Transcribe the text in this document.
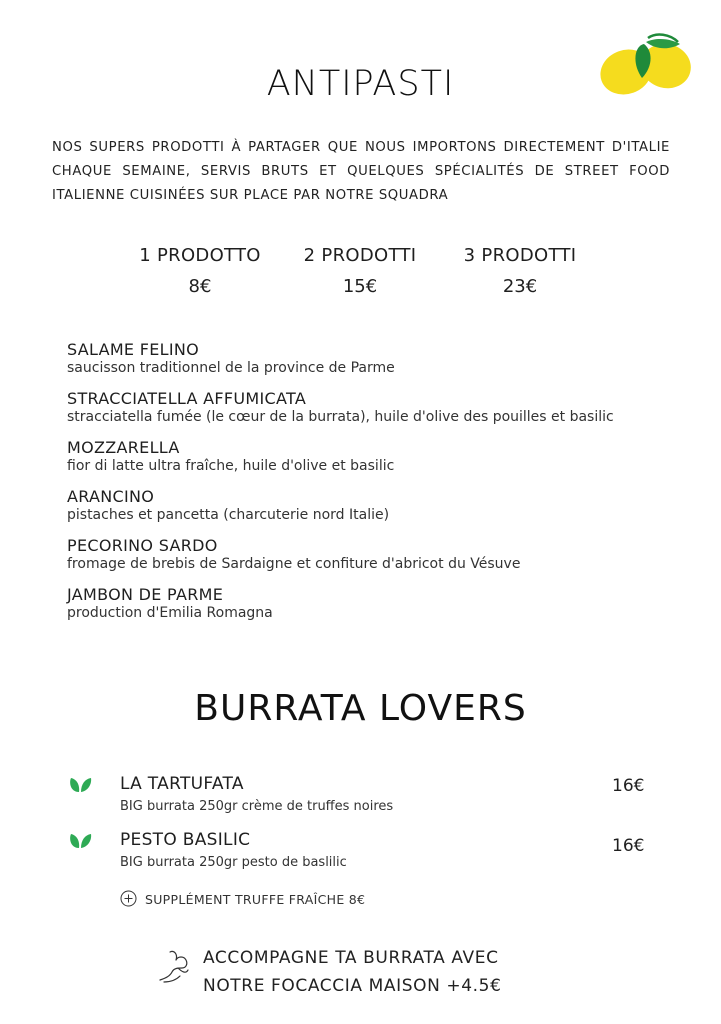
ANTIPASTI
NOS SUPERS PRODOTTI À PARTAGER QUE NOUS IMPORTONS DIRECTEMENT D'ITALIE CHAQUE SEMAINE, SERVIS BRUTS ET QUELQUES SPÉCIALITÉS DE STREET FOOD ITALIENNE CUISINÉES SUR PLACE PAR NOTRE SQUADRA
1 PRODOTTO
8€
2 PRODOTTI
15€
3 PRODOTTI
23€
SALAME FELINO
saucisson traditionnel de la province de Parme
STRACCIATELLA AFFUMICATA
stracciatella fumée (le cœur de la burrata), huile d'olive des pouilles et basilic
MOZZARELLA
fior di latte ultra fraîche, huile d'olive et basilic
ARANCINO
pistaches et pancetta (charcuterie nord Italie)
PECORINO SARDO
fromage de brebis de Sardaigne et confiture d'abricot du Vésuve
JAMBON DE PARME
production d'Emilia Romagna
BURRATA LOVERS
LA TARTUFATA
BIG burrata 250gr crème de truffes noires
16€
PESTO BASILIC
BIG burrata 250gr pesto de baslilic
16€
SUPPLÉMENT TRUFFE FRAÎCHE 8€
ACCOMPAGNE TA BURRATA AVEC
NOTRE FOCACCIA MAISON +4.5€
